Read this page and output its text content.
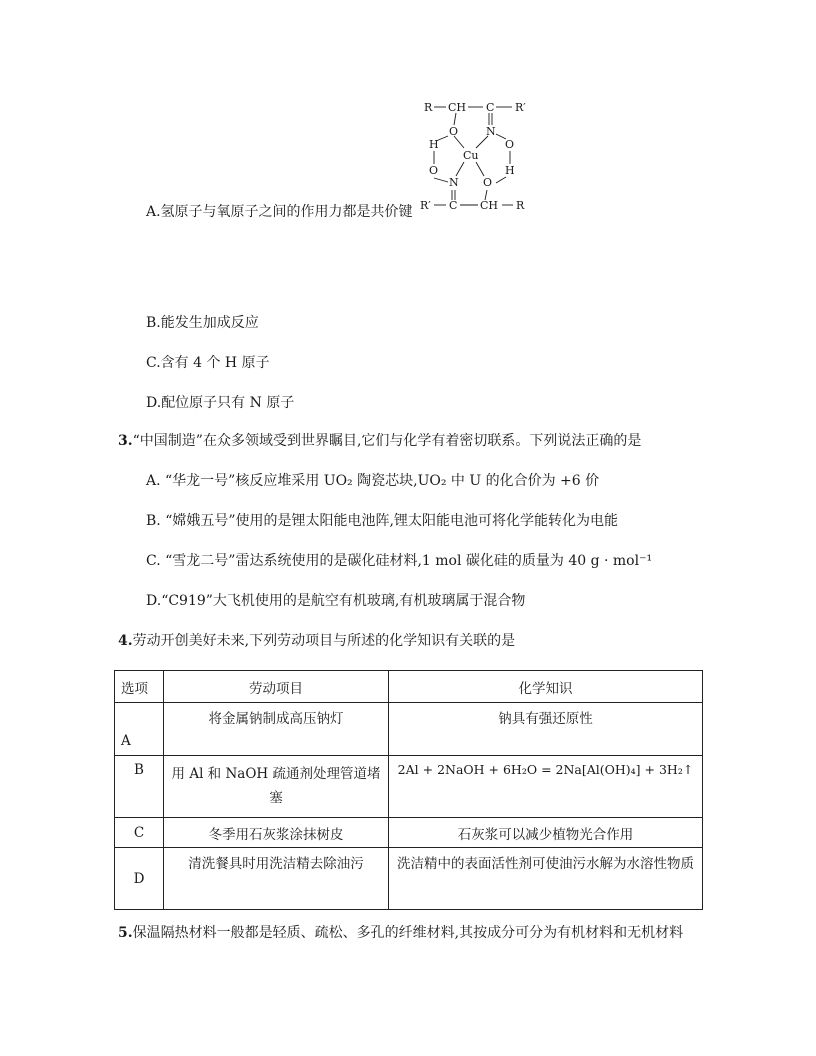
R CH C R′
O	N
H	O
Cu
O	H
N O
R′ C CH R
A.氢原子与氧原子之间的作用力都是共价键
B.能发生加成反应
C.含有 4 个 H 原子
D.配位原子只有 N 原子
3.“中国制造”在众多领域受到世界瞩目,它们与化学有着密切联系。下列说法正确的是
A. “华龙一号”核反应堆采用 UO₂ 陶瓷芯块,UO₂ 中 U 的化合价为 +6 价
B. “嫦娥五号”使用的是锂太阳能电池阵,锂太阳能电池可将化学能转化为电能
C. “雪龙二号”雷达系统使用的是碳化硅材料,1 mol 碳化硅的质量为 40 g · mol⁻¹
D.“C919”大飞机使用的是航空有机玻璃,有机玻璃属于混合物
4.劳动开创美好未来,下列劳动项目与所述的化学知识有关联的是
选项	劳动项目	化学知识
A	将金属钠制成高压钠灯	钠具有强还原性
B	用 Al 和 NaOH 疏通剂处理管道堵塞	2Al + 2NaOH + 6H₂O = 2Na[Al(OH)₄] + 3H₂↑
C	冬季用石灰浆涂抹树皮	石灰浆可以减少植物光合作用
D	清洗餐具时用洗洁精去除油污	洗洁精中的表面活性剂可使油污水解为水溶性物质
5.保温隔热材料一般都是轻质、疏松、多孔的纤维材料,其按成分可分为有机材料和无机材料
